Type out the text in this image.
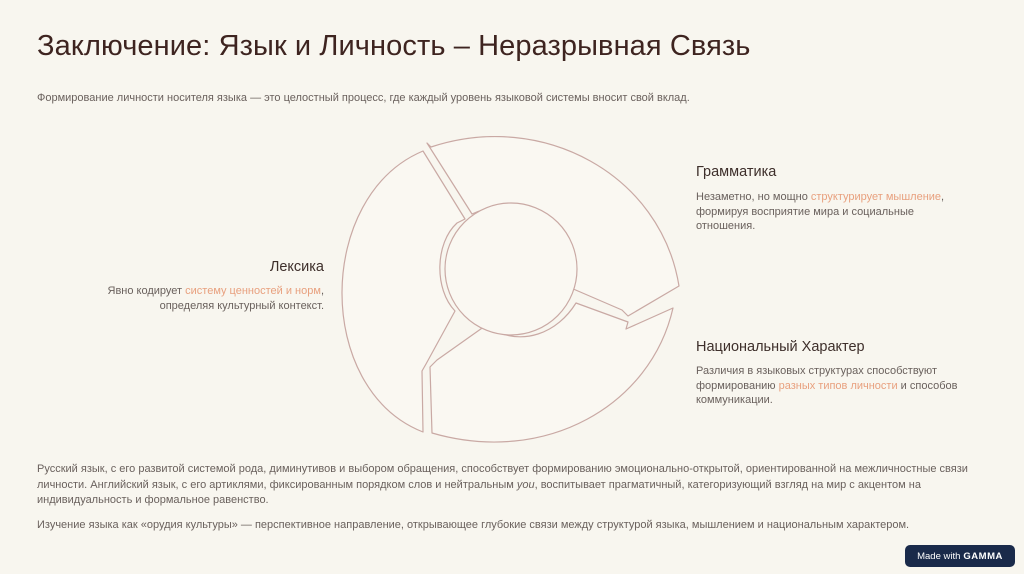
Заключение: Язык и Личность – Неразрывная Связь

Формирование личности носителя языка — это целостный процесс, где каждый уровень языковой системы вносит свой вклад.

Грамматика

Незаметно, но мощно структурирует мышление,
формируя восприятие мира и социальные
отношения.

Лексика

Явно кодирует систему ценностей и норм,
определяя культурный контекст.

Национальный Характер

Различия в языковых структурах способствуют
формированию разных типов личности и способов
коммуникации.

Русский язык, с его развитой системой рода, диминутивов и выбором обращения, способствует формированию эмоционально-открытой, ориентированной на межличностные связи личности. Английский язык, с его артиклями, фиксированным порядком слов и нейтральным you, воспитывает прагматичный, категоризующий взгляд на мир с акцентом на индивидуальность и формальное равенство.

Изучение языка как «орудия культуры» — перспективное направление, открывающее глубокие связи между структурой языка, мышлением и национальным характером.

Made with GAMMA
